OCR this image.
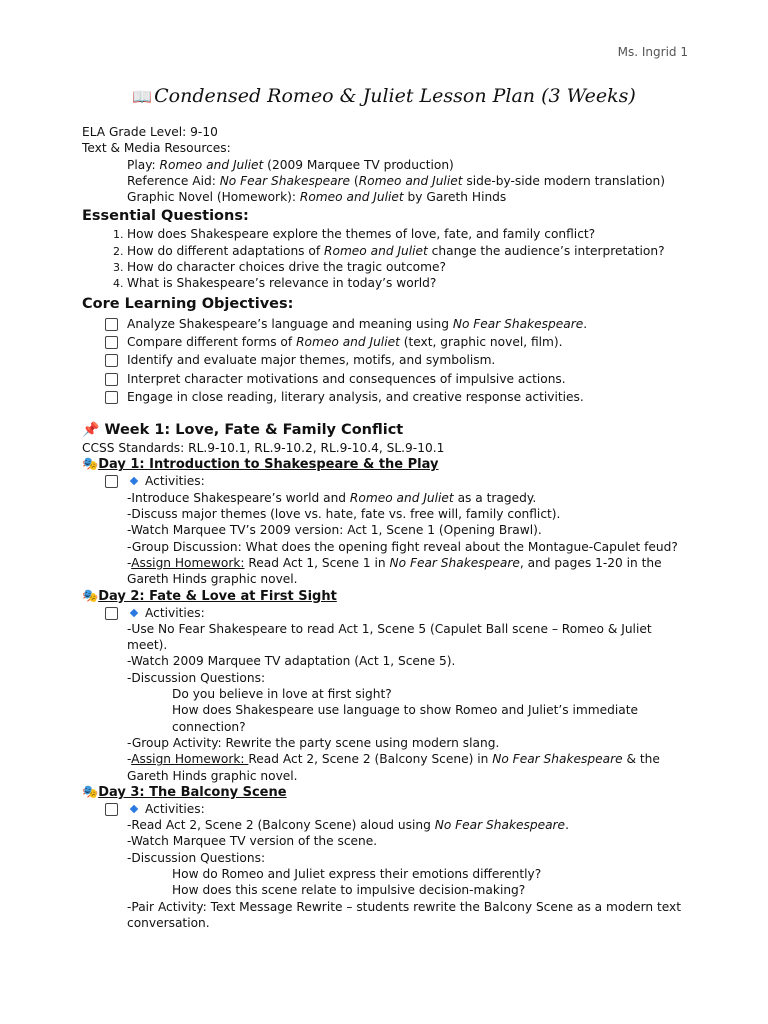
Ms. Ingrid 1
📖 Condensed Romeo & Juliet Lesson Plan (3 Weeks)

ELA Grade Level: 9-10

Text & Media Resources:

Play: Romeo and Juliet (2009 Marquee TV production)

Reference Aid: No Fear Shakespeare (Romeo and Juliet side-by-side modern translation)

Graphic Novel (Homework): Romeo and Juliet by Gareth Hinds

Essential Questions:
1. How does Shakespeare explore the themes of love, fate, and family conflict?
2. How do different adaptations of Romeo and Juliet change the audience’s interpretation?
3. How do character choices drive the tragic outcome?
4. What is Shakespeare’s relevance in today’s world?
Core Learning Objectives:
Analyze Shakespeare’s language and meaning using No Fear Shakespeare.
Compare different forms of Romeo and Juliet (text, graphic novel, film).
Identify and evaluate major themes, motifs, and symbolism.
Interpret character motivations and consequences of impulsive actions.
Engage in close reading, literary analysis, and creative response activities.
📌 Week 1: Love, Fate & Family Conflict

CCSS Standards: RL.9-10.1, RL.9-10.2, RL.9-10.4, SL.9-10.1

🎭Day 1: Introduction to Shakespeare & the Play
Activities:

-Introduce Shakespeare’s world and Romeo and Juliet as a tragedy.

-Discuss major themes (love vs. hate, fate vs. free will, family conflict).

-Watch Marquee TV’s 2009 version: Act 1, Scene 1 (Opening Brawl).

-Group Discussion: What does the opening fight reveal about the Montague-Capulet feud?

-Assign Homework: Read Act 1, Scene 1 in No Fear Shakespeare, and pages 1-20 in the

Gareth Hinds graphic novel.

🎭Day 2: Fate & Love at First Sight
Activities:

-Use No Fear Shakespeare to read Act 1, Scene 5 (Capulet Ball scene – Romeo & Juliet

meet).

-Watch 2009 Marquee TV adaptation (Act 1, Scene 5).

-Discussion Questions:

Do you believe in love at first sight?

How does Shakespeare use language to show Romeo and Juliet’s immediate

connection?

-Group Activity: Rewrite the party scene using modern slang.

-Assign Homework: Read Act 2, Scene 2 (Balcony Scene) in No Fear Shakespeare & the

Gareth Hinds graphic novel.

🎭Day 3: The Balcony Scene
Activities:

-Read Act 2, Scene 2 (Balcony Scene) aloud using No Fear Shakespeare.

-Watch Marquee TV version of the scene.

-Discussion Questions:

How do Romeo and Juliet express their emotions differently?

How does this scene relate to impulsive decision-making?

-Pair Activity: Text Message Rewrite – students rewrite the Balcony Scene as a modern text

conversation.
